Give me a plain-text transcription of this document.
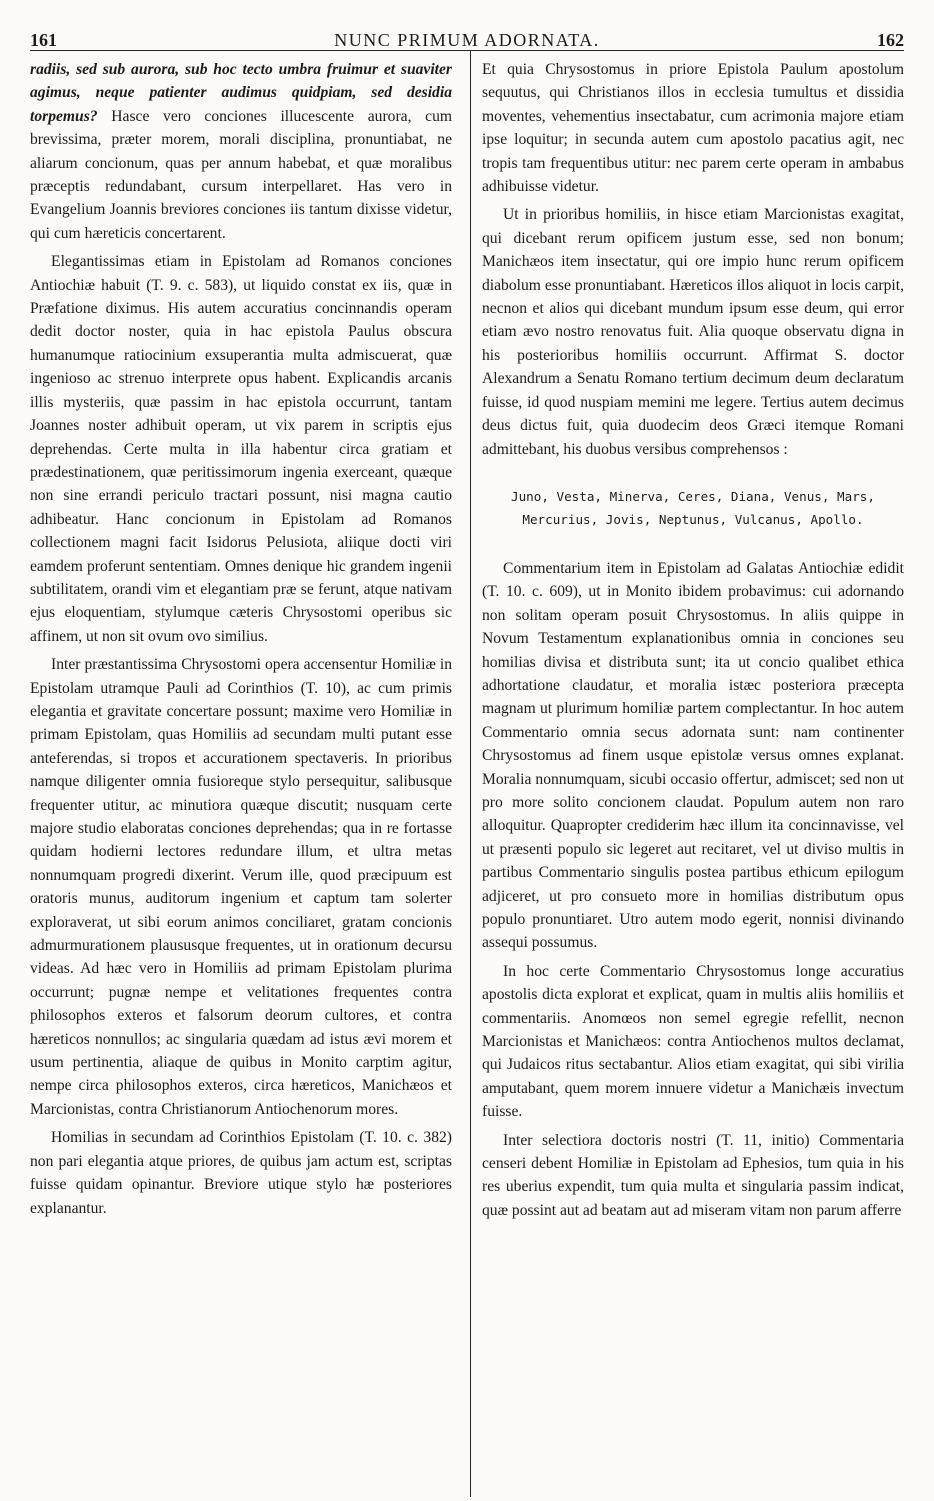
161	NUNC PRIMUM ADORNATA.	162

radiis, sed sub aurora, sub hoc tecto umbra fruimur et suaviter agimus, neque patienter audimus quidpiam, sed desidia torpemus? Hasce vero conciones illucescente aurora, cum brevissima, præter morem, morali disciplina, pronuntiabat, ne aliarum concionum, quas per annum habebat, et quæ moralibus præceptis redundabant, cursum interpellaret. Has vero in Evangelium Joannis breviores conciones iis tantum dixisse videtur, qui cum hæreticis concertarent.

Elegantissimas etiam in Epistolam ad Romanos conciones Antiochiæ habuit (T. 9. c. 583), ut liquido constat ex iis, quæ in Præfatione diximus. His autem accuratius concinnandis operam dedit doctor noster, quia in hac epistola Paulus obscura humanumque ratiocinium exsuperantia multa admiscuerat, quæ ingenioso ac strenuo interprete opus habent. Explicandis arcanis illis mysteriis, quæ passim in hac epistola occurrunt, tantam Joannes noster adhibuit operam, ut vix parem in scriptis ejus deprehendas. Certe multa in illa habentur circa gratiam et prædestinationem, quæ peritissimorum ingenia exerceant, quæque non sine errandi periculo tractari possunt, nisi magna cautio adhibeatur. Hanc concionum in Epistolam ad Romanos collectionem magni facit Isidorus Pelusiota, aliique docti viri eamdem proferunt sententiam. Omnes denique hic grandem ingenii subtilitatem, orandi vim et elegantiam præ se ferunt, atque nativam ejus eloquentiam, stylumque cæteris Chrysostomi operibus sic affinem, ut non sit ovum ovo similius.

Inter præstantissima Chrysostomi opera accensentur Homiliæ in Epistolam utramque Pauli ad Corinthios (T. 10), ac cum primis elegantia et gravitate concertare possunt; maxime vero Homiliæ in primam Epistolam, quas Homiliis ad secundam multi putant esse anteferendas, si tropos et accurationem spectaveris. In prioribus namque diligenter omnia fusioreque stylo persequitur, salibusque frequenter utitur, ac minutiora quæque discutit; nusquam certe majore studio elaboratas conciones deprehendas; qua in re fortasse quidam hodierni lectores redundare illum, et ultra metas nonnumquam progredi dixerint. Verum ille, quod præcipuum est oratoris munus, auditorum ingenium et captum tam solerter exploraverat, ut sibi eorum animos conciliaret, gratam concionis admurmurationem plaususque frequentes, ut in orationum decursu videas. Ad hæc vero in Homiliis ad primam Epistolam plurima occurrunt; pugnæ nempe et velitationes frequentes contra philosophos exteros et falsorum deorum cultores, et contra hæreticos nonnullos; ac singularia quædam ad istus ævi morem et usum pertinentia, aliaque de quibus in Monito carptim agitur, nempe circa philosophos exteros, circa hæreticos, Manichæos et Marcionistas, contra Christianorum Antiochenorum mores.

Homilias in secundam ad Corinthios Epistolam (T. 10. c. 382) non pari elegantia atque priores, de quibus jam actum est, scriptas fuisse quidam opinantur. Breviore utique stylo hæ posteriores explanantur.

Et quia Chrysostomus in priore Epistola Paulum apostolum sequutus, qui Christianos illos in ecclesia tumultus et dissidia moventes, vehementius insectabatur, cum acrimonia majore etiam ipse loquitur; in secunda autem cum apostolo pacatius agit, nec tropis tam frequentibus utitur: nec parem certe operam in ambabus adhibuisse videtur.

Ut in prioribus homiliis, in hisce etiam Marcionistas exagitat, qui dicebant rerum opificem justum esse, sed non bonum; Manichæos item insectatur, qui ore impio hunc rerum opificem diabolum esse pronuntiabant. Hæreticos illos aliquot in locis carpit, necnon et alios qui dicebant mundum ipsum esse deum, qui error etiam ævo nostro renovatus fuit. Alia quoque observatu digna in his posterioribus homiliis occurrunt. Affirmat S. doctor Alexandrum a Senatu Romano tertium decimum deum declaratum fuisse, id quod nuspiam memini me legere. Tertius autem decimus deus dictus fuit, quia duodecim deos Græci itemque Romani admittebant, his duobus versibus comprehensos :

Juno, Vesta, Minerva, Ceres, Diana, Venus, Mars,
Mercurius, Jovis, Neptunus, Vulcanus, Apollo.

Commentarium item in Epistolam ad Galatas Antiochiæ edidit (T. 10. c. 609), ut in Monito ibidem probavimus: cui adornando non solitam operam posuit Chrysostomus. In aliis quippe in Novum Testamentum explanationibus omnia in conciones seu homilias divisa et distributa sunt; ita ut concio qualibet ethica adhortatione claudatur, et moralia istæc posteriora præcepta magnam ut plurimum homiliæ partem complectantur. In hoc autem Commentario omnia secus adornata sunt: nam continenter Chrysostomus ad finem usque epistolæ versus omnes explanat. Moralia nonnumquam, sicubi occasio offertur, admiscet; sed non ut pro more solito concionem claudat. Populum autem non raro alloquitur. Quapropter crediderim hæc illum ita concinnavisse, vel ut præsenti populo sic legeret aut recitaret, vel ut diviso multis in partibus Commentario singulis postea partibus ethicum epilogum adjiceret, ut pro consueto more in homilias distributum opus populo pronuntiaret. Utro autem modo egerit, nonnisi divinando assequi possumus.

In hoc certe Commentario Chrysostomus longe accuratius apostolis dicta explorat et explicat, quam in multis aliis homiliis et commentariis. Anomœos non semel egregie refellit, necnon Marcionistas et Manichæos: contra Antiochenos multos declamat, qui Judaicos ritus sectabantur. Alios etiam exagitat, qui sibi virilia amputabant, quem morem innuere videtur a Manichæis invectum fuisse.

Inter selectiora doctoris nostri (T. 11, initio) Commentaria censeri debent Homiliæ in Epistolam ad Ephesios, tum quia in his res uberius expendit, tum quia multa et singularia passim indicat, quæ possint aut ad beatam aut ad miseram vitam non parum afferre
